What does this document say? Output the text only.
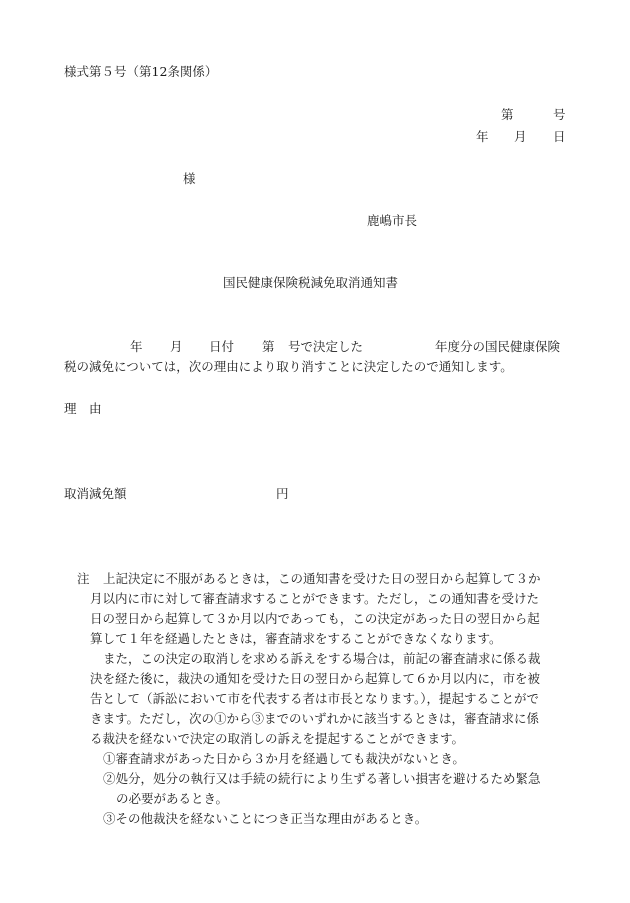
様式第５号（第12条関係）
第	号
年 月 日
様
鹿嶋市長
国民健康保険税減免取消通知書
年 月 日付 第 号で決定した	年度分の国民健康保険
税の減免については，次の理由により取り消すことに決定したので通知します。
理　由
取消減免額	円
注 上記決定に不服があるときは，この通知書を受けた日の翌日から起算して３か
月以内に市に対して審査請求することができます。ただし，この通知書を受けた
日の翌日から起算して３か月以内であっても，この決定があった日の翌日から起
算して１年を経過したときは，審査請求をすることができなくなります。
また，この決定の取消しを求める訴えをする場合は，前記の審査請求に係る裁
決を経た後に，裁決の通知を受けた日の翌日から起算して６か月以内に，市を被
告として（訴訟において市を代表する者は市長となります。），提起することがで
きます。ただし，次の①から③までのいずれかに該当するときは，審査請求に係
る裁決を経ないで決定の取消しの訴えを提起することができます。
①審査請求があった日から３か月を経過しても裁決がないとき。
②処分，処分の執行又は手続の続行により生ずる著しい損害を避けるため緊急
の必要があるとき。
③その他裁決を経ないことにつき正当な理由があるとき。
